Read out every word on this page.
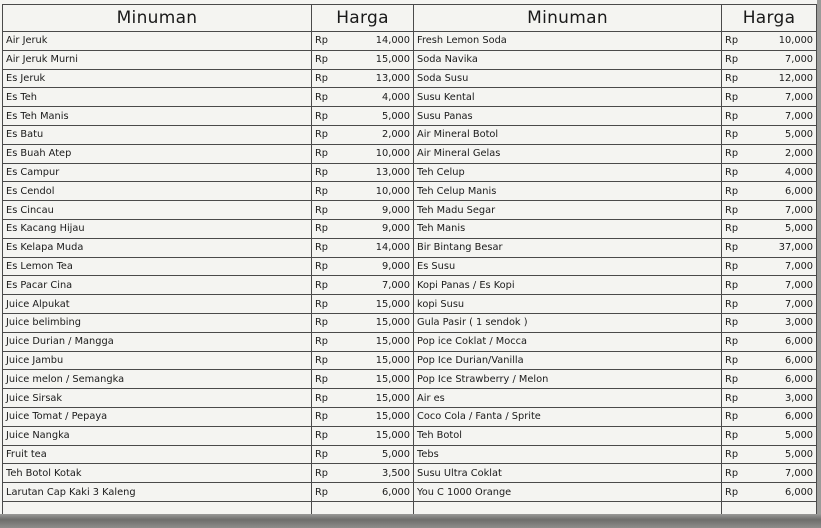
Minuman	Harga		Minuman	Harga	
Air Jeruk	Rp	14,000	Fresh Lemon Soda	Rp	10,000
Air Jeruk Murni	Rp	15,000	Soda Navika	Rp	7,000
Es Jeruk	Rp	13,000	Soda Susu	Rp	12,000
Es Teh	Rp	4,000	Susu Kental	Rp	7,000
Es Teh Manis	Rp	5,000	Susu Panas	Rp	7,000
Es Batu	Rp	2,000	Air Mineral Botol	Rp	5,000
Es Buah Atep	Rp	10,000	Air Mineral Gelas	Rp	2,000
Es Campur	Rp	13,000	Teh Celup	Rp	4,000
Es Cendol	Rp	10,000	Teh Celup Manis	Rp	6,000
Es Cincau	Rp	9,000	Teh Madu Segar	Rp	7,000
Es Kacang Hijau	Rp	9,000	Teh Manis	Rp	5,000
Es Kelapa Muda	Rp	14,000	Bir Bintang Besar	Rp	37,000
Es Lemon Tea	Rp	9,000	Es Susu	Rp	7,000
Es Pacar Cina	Rp	7,000	Kopi Panas / Es Kopi	Rp	7,000
Juice Alpukat	Rp	15,000	kopi Susu	Rp	7,000
Juice belimbing	Rp	15,000	Gula Pasir ( 1 sendok )	Rp	3,000
Juice Durian / Mangga	Rp	15,000	Pop ice Coklat / Mocca	Rp	6,000
Juice Jambu	Rp	15,000	Pop Ice Durian/Vanilla	Rp	6,000
Juice melon / Semangka	Rp	15,000	Pop Ice Strawberry / Melon	Rp	6,000
Juice Sirsak	Rp	15,000	Air es	Rp	3,000
Juice Tomat / Pepaya	Rp	15,000	Coco Cola / Fanta / Sprite	Rp	6,000
Juice Nangka	Rp	15,000	Teh Botol	Rp	5,000
Fruit tea	Rp	5,000	Tebs	Rp	5,000
Teh Botol Kotak	Rp	3,500	Susu Ultra Coklat	Rp	7,000
Larutan Cap Kaki 3 Kaleng	Rp	6,000	You C 1000 Orange	Rp	6,000
